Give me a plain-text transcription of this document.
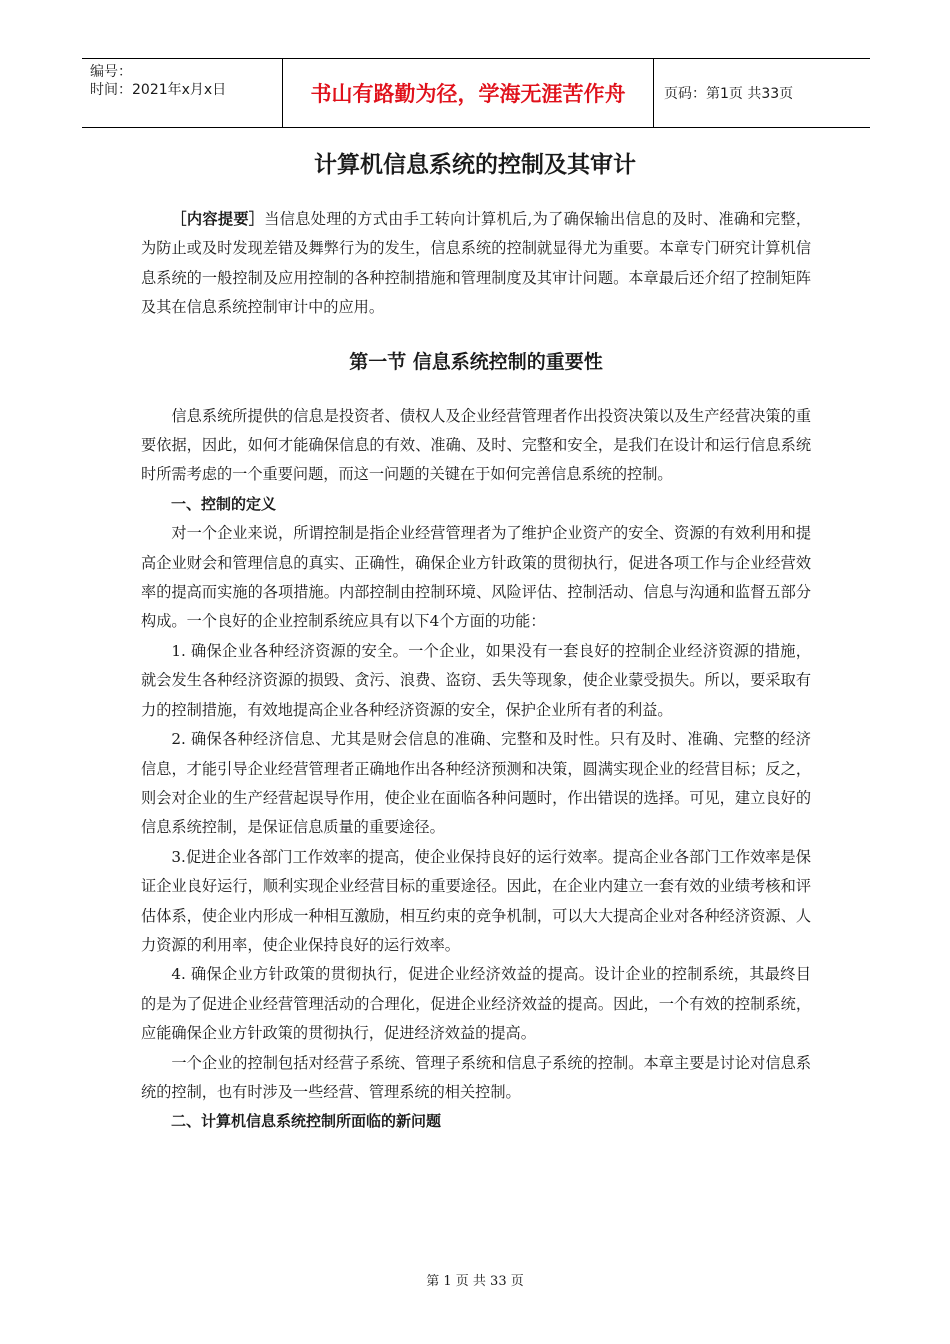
编号：
时间：2021年x月x日	书山有路勤为径，学海无涯苦作舟	页码：第1页 共33页
计算机信息系统的控制及其审计

［内容提要］当信息处理的方式由手工转向计算机后,为了确保输出信息的及时、准确和完整，为防止或及时发现差错及舞弊行为的发生，信息系统的控制就显得尤为重要。本章专门研究计算机信息系统的一般控制及应用控制的各种控制措施和管理制度及其审计问题。本章最后还介绍了控制矩阵及其在信息系统控制审计中的应用。

第一节 信息系统控制的重要性

信息系统所提供的信息是投资者、债权人及企业经营管理者作出投资决策以及生产经营决策的重要依据，因此，如何才能确保信息的有效、准确、及时、完整和安全，是我们在设计和运行信息系统时所需考虑的一个重要问题，而这一问题的关键在于如何完善信息系统的控制。

一、控制的定义

对一个企业来说，所谓控制是指企业经营管理者为了维护企业资产的安全、资源的有效利用和提高企业财会和管理信息的真实、正确性，确保企业方针政策的贯彻执行，促进各项工作与企业经营效率的提高而实施的各项措施。内部控制由控制环境、风险评估、控制活动、信息与沟通和监督五部分构成。一个良好的企业控制系统应具有以下4个方面的功能：

1. 确保企业各种经济资源的安全。一个企业，如果没有一套良好的控制企业经济资源的措施，就会发生各种经济资源的损毁、贪污、浪费、盗窃、丢失等现象，使企业蒙受损失。所以，要采取有力的控制措施，有效地提高企业各种经济资源的安全，保护企业所有者的利益。

2. 确保各种经济信息、尤其是财会信息的准确、完整和及时性。只有及时、准确、完整的经济信息，才能引导企业经营管理者正确地作出各种经济预测和决策，圆满实现企业的经营目标；反之，则会对企业的生产经营起误导作用，使企业在面临各种问题时，作出错误的选择。可见，建立良好的信息系统控制，是保证信息质量的重要途径。

3.促进企业各部门工作效率的提高，使企业保持良好的运行效率。提高企业各部门工作效率是保证企业良好运行，顺利实现企业经营目标的重要途径。因此，在企业内建立一套有效的业绩考核和评估体系，使企业内形成一种相互激励，相互约束的竞争机制，可以大大提高企业对各种经济资源、人力资源的利用率，使企业保持良好的运行效率。

4. 确保企业方针政策的贯彻执行，促进企业经济效益的提高。设计企业的控制系统，其最终目的是为了促进企业经营管理活动的合理化，促进企业经济效益的提高。因此，一个有效的控制系统，应能确保企业方针政策的贯彻执行，促进经济效益的提高。

一个企业的控制包括对经营子系统、管理子系统和信息子系统的控制。本章主要是讨论对信息系统的控制，也有时涉及一些经营、管理系统的相关控制。

二、计算机信息系统控制所面临的新问题

第 1 页 共 33 页
